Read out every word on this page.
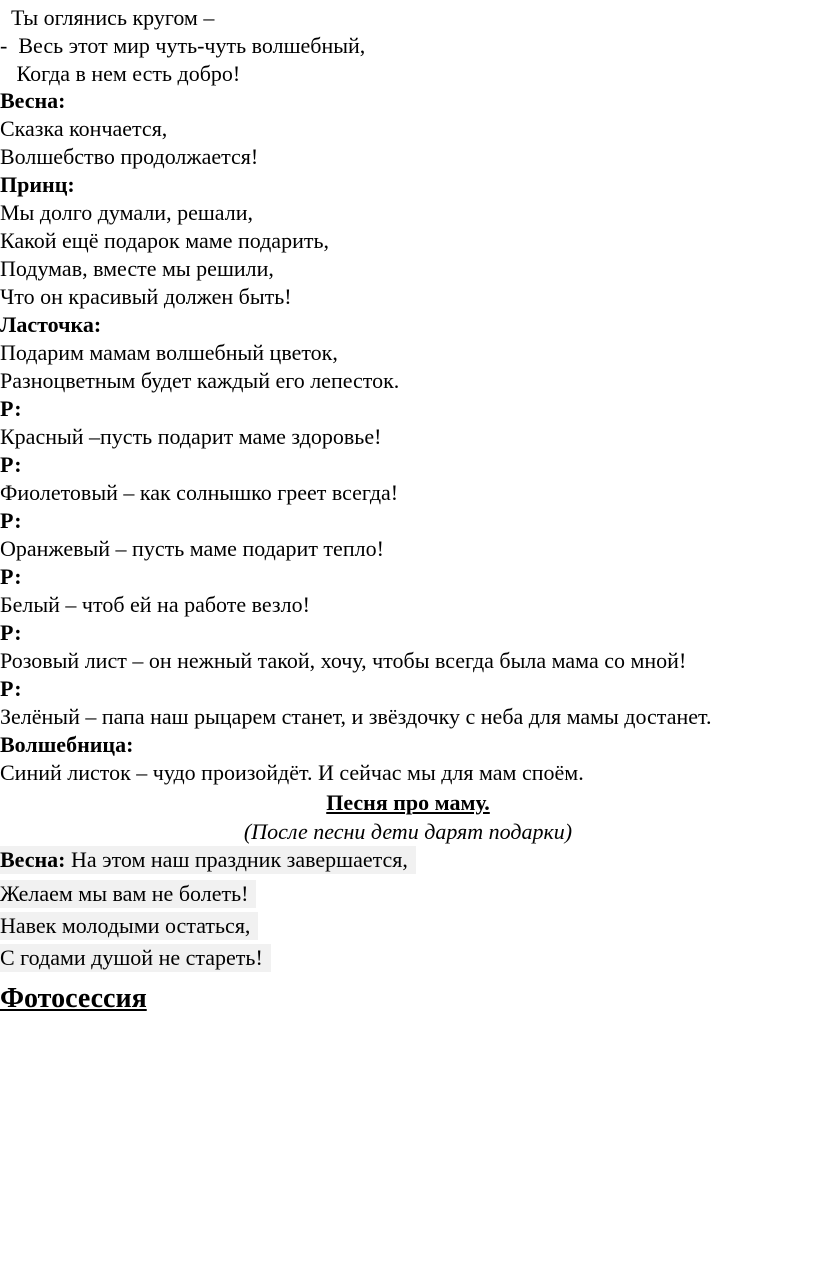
Ты оглянись кругом –

-  Весь этот мир чуть-чуть волшебный,

Когда в нем есть добро!

Весна:

Сказка кончается,

Волшебство продолжается!

Принц:

Мы долго думали, решали,

Какой ещё подарок маме подарить,

Подумав, вместе мы решили,

Что он красивый должен быть!

Ласточка:

Подарим мамам волшебный цветок,

Разноцветным будет каждый его лепесток.

Р:

Красный –пусть подарит маме здоровье!

Р:

Фиолетовый – как солнышко греет всегда!

Р:

Оранжевый – пусть маме подарит тепло!

Р:

Белый – чтоб ей на работе везло!

Р:

Розовый лист – он нежный такой, хочу, чтобы всегда была мама со мной!

Р:

Зелёный – папа наш рыцарем станет, и звёздочку с неба для мамы достанет.

Волшебница:

Синий листок – чудо произойдёт. И сейчас мы для мам споём.

Песня про маму.

(После песни дети дарят подарки)

Весна: На этом наш праздник завершается,

Желаем мы вам не болеть!

Навек молодыми остаться,

С годами душой не стареть!

Фотосессия
